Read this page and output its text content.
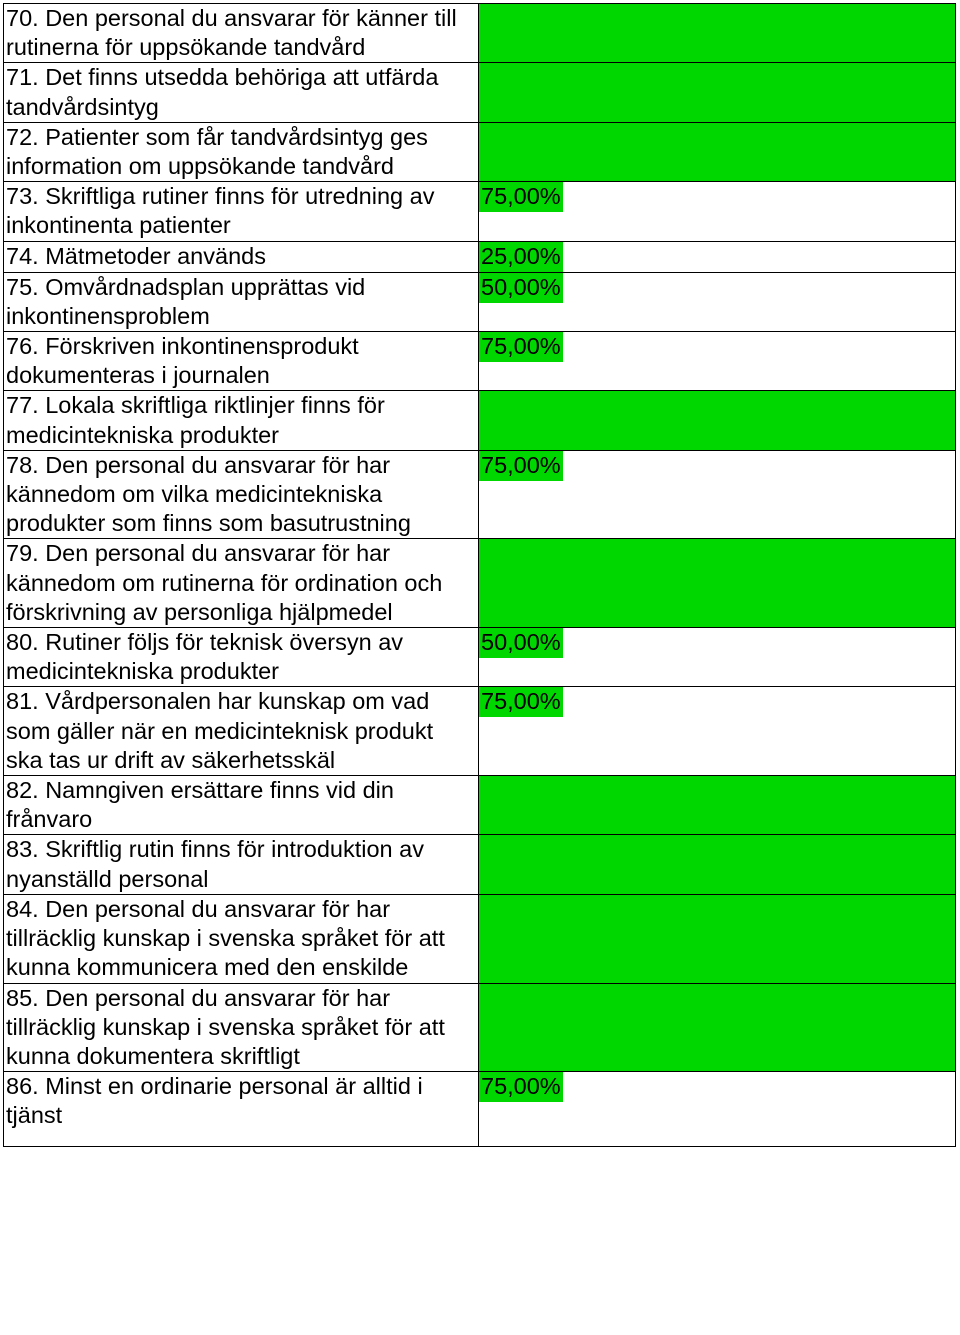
70. Den personal du ansvarar för känner till rutinerna för uppsökande tandvård	
71. Det finns utsedda behöriga att utfärda tandvårdsintyg	
72. Patienter som får tandvårdsintyg ges information om uppsökande tandvård	
73. Skriftliga rutiner finns för utredning av inkontinenta patienter	75,00%
74. Mätmetoder används	25,00%
75. Omvårdnadsplan upprättas vid inkontinensproblem	50,00%
76. Förskriven inkontinensprodukt dokumenteras i journalen	75,00%
77. Lokala skriftliga riktlinjer finns för medicintekniska produkter	
78. Den personal du ansvarar för har kännedom om vilka medicintekniska produkter som finns som basutrustning	75,00%
79. Den personal du ansvarar för har kännedom om rutinerna för ordination och förskrivning av personliga hjälpmedel	
80. Rutiner följs för teknisk översyn av medicintekniska produkter	50,00%
81. Vårdpersonalen har kunskap om vad som gäller när en medicinteknisk produkt ska tas ur drift av säkerhetsskäl	75,00%
82. Namngiven ersättare finns vid din frånvaro	
83. Skriftlig rutin finns för introduktion av nyanställd personal	
84. Den personal du ansvarar för har tillräcklig kunskap i svenska språket för att kunna kommunicera med den enskilde	
85. Den personal du ansvarar för har tillräcklig kunskap i svenska språket för att kunna dokumentera skriftligt	
86. Minst en ordinarie personal är alltid i tjänst	75,00%
